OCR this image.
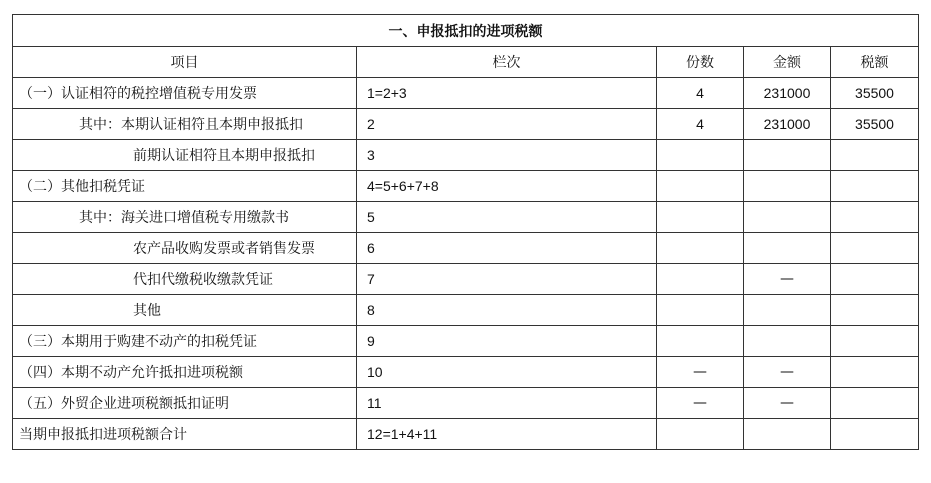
一、申报抵扣的进项税额				
项目	栏次	份数	金额	税额
（一）认证相符的税控增值税专用发票	1=2+3	4	231000	35500
其中：本期认证相符且本期申报抵扣	2	4	231000	35500
前期认证相符且本期申报抵扣	3			
（二）其他扣税凭证	4=5+6+7+8			
其中：海关进口增值税专用缴款书	5			
农产品收购发票或者销售发票	6			
代扣代缴税收缴款凭证	7		—	
其他	8			
（三）本期用于购建不动产的扣税凭证	9			
（四）本期不动产允许抵扣进项税额	10	—	—	
（五）外贸企业进项税额抵扣证明	11	—	—	
当期申报抵扣进项税额合计	12=1+4+11			
